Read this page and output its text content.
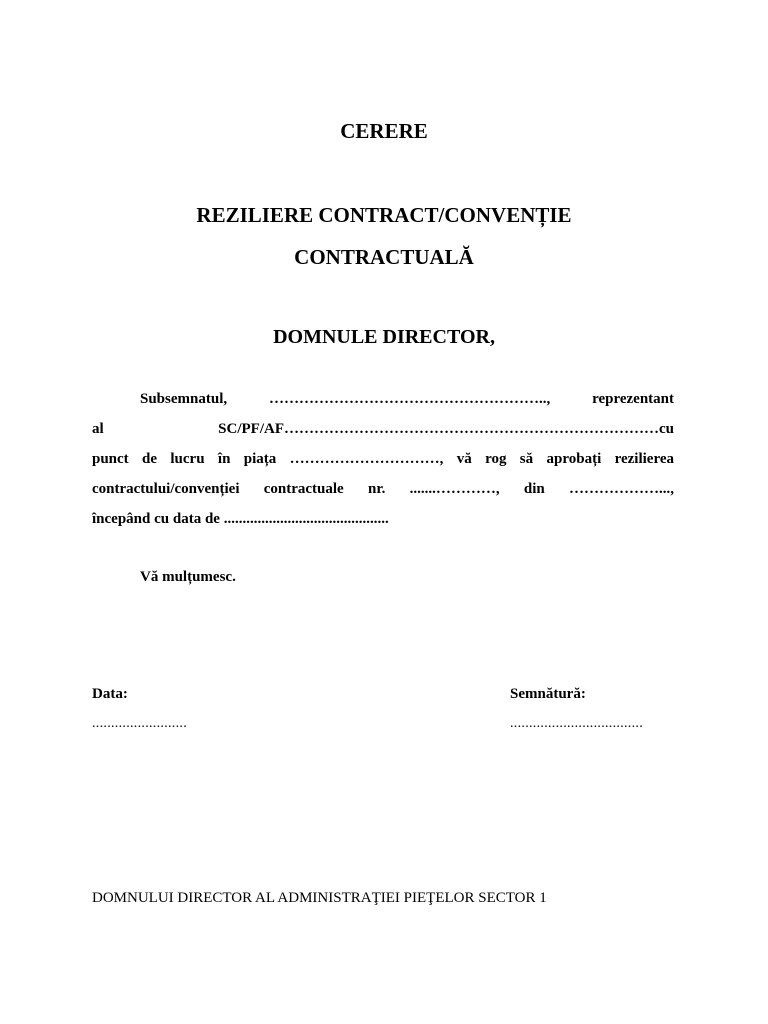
CERERE
REZILIERE CONTRACT/CONVENȚIE
CONTRACTUALĂ
DOMNULE DIRECTOR,
Subsemnatul, ……………………………………………….., reprezentant
al SC/PF/AF…………………………………………………………………cu
punct de lucru în piața …………………………, vă rog să aprobați rezilierea
contractului/convenției contractuale nr. .......…………, din ………………...,
începând cu data de ............................................
Vă mulțumesc.
Data:
.........................
Semnătură:
...................................
DOMNULUI DIRECTOR AL ADMINISTRAŢIEI PIEŢELOR SECTOR 1
